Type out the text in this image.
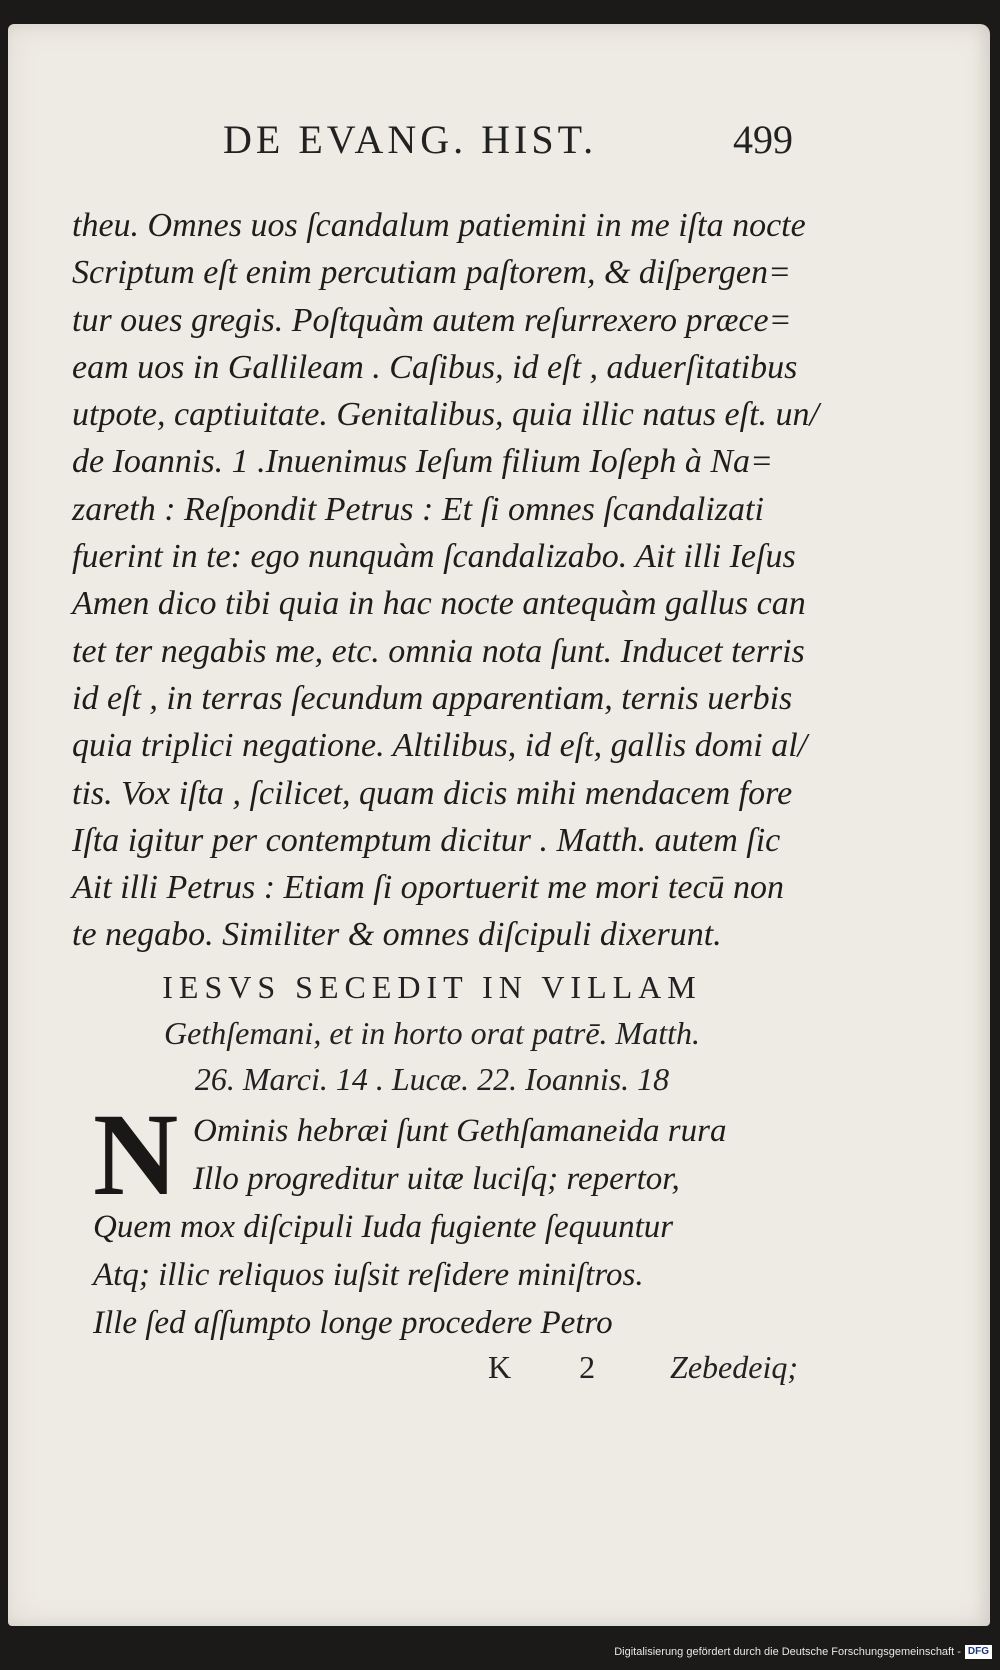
DE EVANG. HIST.	499
theu. Omnes uos ſcandalum patiemini in me iſta nocte
Scriptum eſt enim percutiam paſtorem, & diſpergen=
tur oues gregis. Poſtquàm autem reſurrexero præce=
eam uos in Gallileam . Caſibus, id eſt , aduerſitatibus
utpote, captiuitate. Genitalibus, quia illic natus eſt. un/
de Ioannis. 1 .Inuenimus Ieſum filium Ioſeph à Na=
zareth : Reſpondit Petrus : Et ſi omnes ſcandalizati
fuerint in te: ego nunquàm ſcandalizabo. Ait illi Ieſus
Amen dico tibi quia in hac nocte antequàm gallus can
tet ter negabis me, etc. omnia nota ſunt. Inducet terris
id eſt , in terras ſecundum apparentiam, ternis uerbis
quia triplici negatione. Altilibus, id eſt, gallis domi al/
tis. Vox iſta , ſcilicet, quam dicis mihi mendacem fore
Iſta igitur per contemptum dicitur . Matth. autem ſic
Ait illi Petrus : Etiam ſi oportuerit me mori tecū non
te negabo. Similiter & omnes diſcipuli dixerunt.
IESVS SECEDIT IN VILLAM
Gethſemani, et in horto orat patrē. Matth.
26. Marci. 14 . Lucæ. 22. Ioannis. 18
N Ominis hebræi ſunt Gethſamaneida rura
Illo progreditur uitæ luciſq; repertor,
Quem mox diſcipuli Iuda fugiente ſequuntur
Atq; illic reliquos iuſsit reſidere miniſtros.
Ille ſed aſſumpto longe procedere Petro
K 2 Zebedeiq;
Digitalisierung gefördert durch die Deutsche Forschungsgemeinschaft - DFG
